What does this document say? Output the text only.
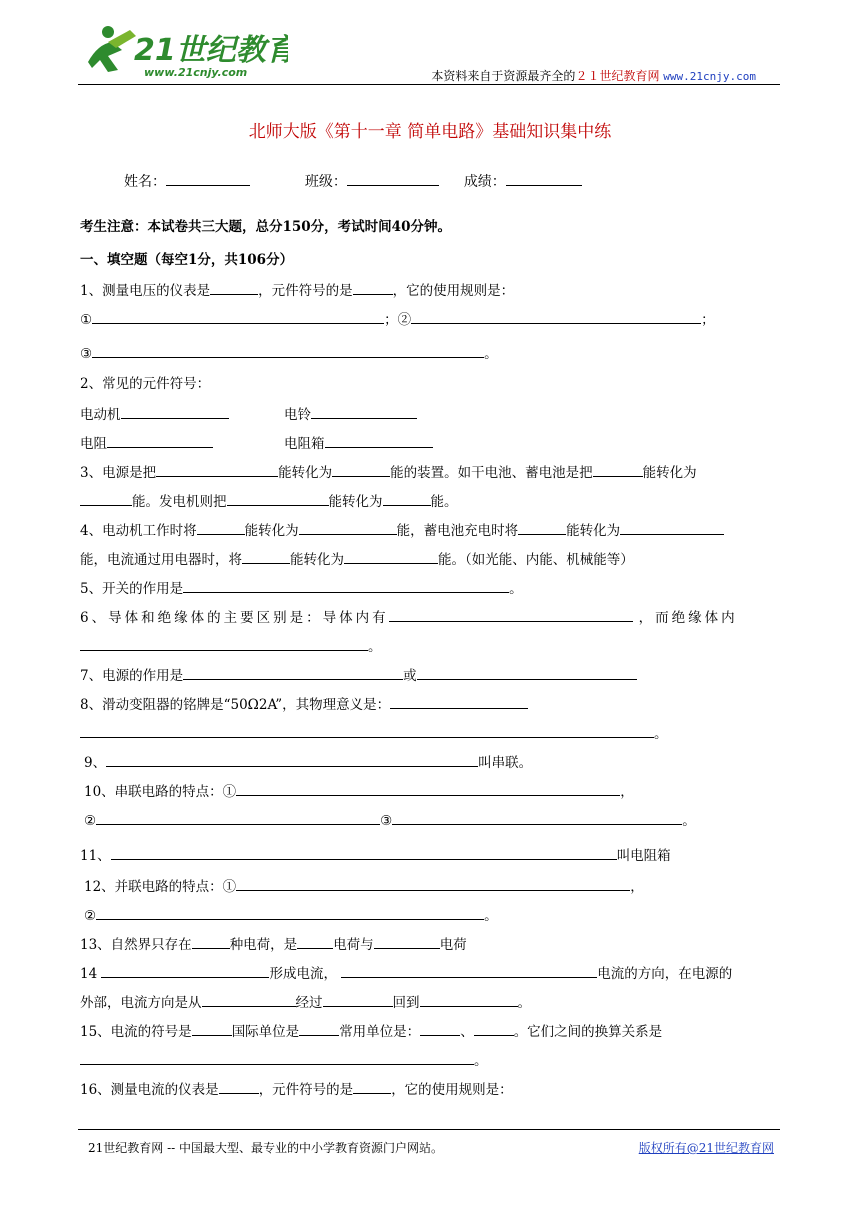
21世纪教育
www.21cnjy.com	本资料来自于资源最齐全的２１世纪教育网 www.21cnjy.com
北师大版《第十一章 简单电路》基础知识集中练
姓名：	班级：	成绩：
考生注意：本试卷共三大题，总分150分，考试时间40分钟。
一、填空题（每空1分，共106分）
1、测量电压的仪表是	，元件符号的是	，它的使用规则是：
①	；②	；
③	。
2、常见的元件符号：
电动机	电铃
电阻	电阻箱
3、电源是把	能转化为	能的装置。如干电池、蓄电池是把	能转化为
能。发电机则把	能转化为	能。
4、电动机工作时将	能转化为	能，蓄电池充电时将	能转化为
能，电流通过用电器时，将	能转化为	能。（如光能、内能、机械能等）
5、开关的作用是	。
6、导体和绝缘体的主要区别是：导体内有	，而绝缘体内
。
7、电源的作用是	或
8、滑动变阻器的铭牌是“50Ω2A”，其物理意义是：
。
9、	叫串联。
10、串联电路的特点：①	，
②	③	。
11、	叫电阻箱
12、并联电路的特点：①	，
②	。
13、自然界只存在	种电荷，是	电荷与	电荷
14	形成电流，	电流的方向，在电源的
外部，电流方向是从	经过	回到	。
15、电流的符号是	国际单位是	常用单位是：	、	。它们之间的换算关系是
。
16、测量电流的仪表是	，元件符号的是	，它的使用规则是：
21世纪教育网 -- 中国最大型、最专业的中小学教育资源门户网站。	版权所有@21世纪教育网
